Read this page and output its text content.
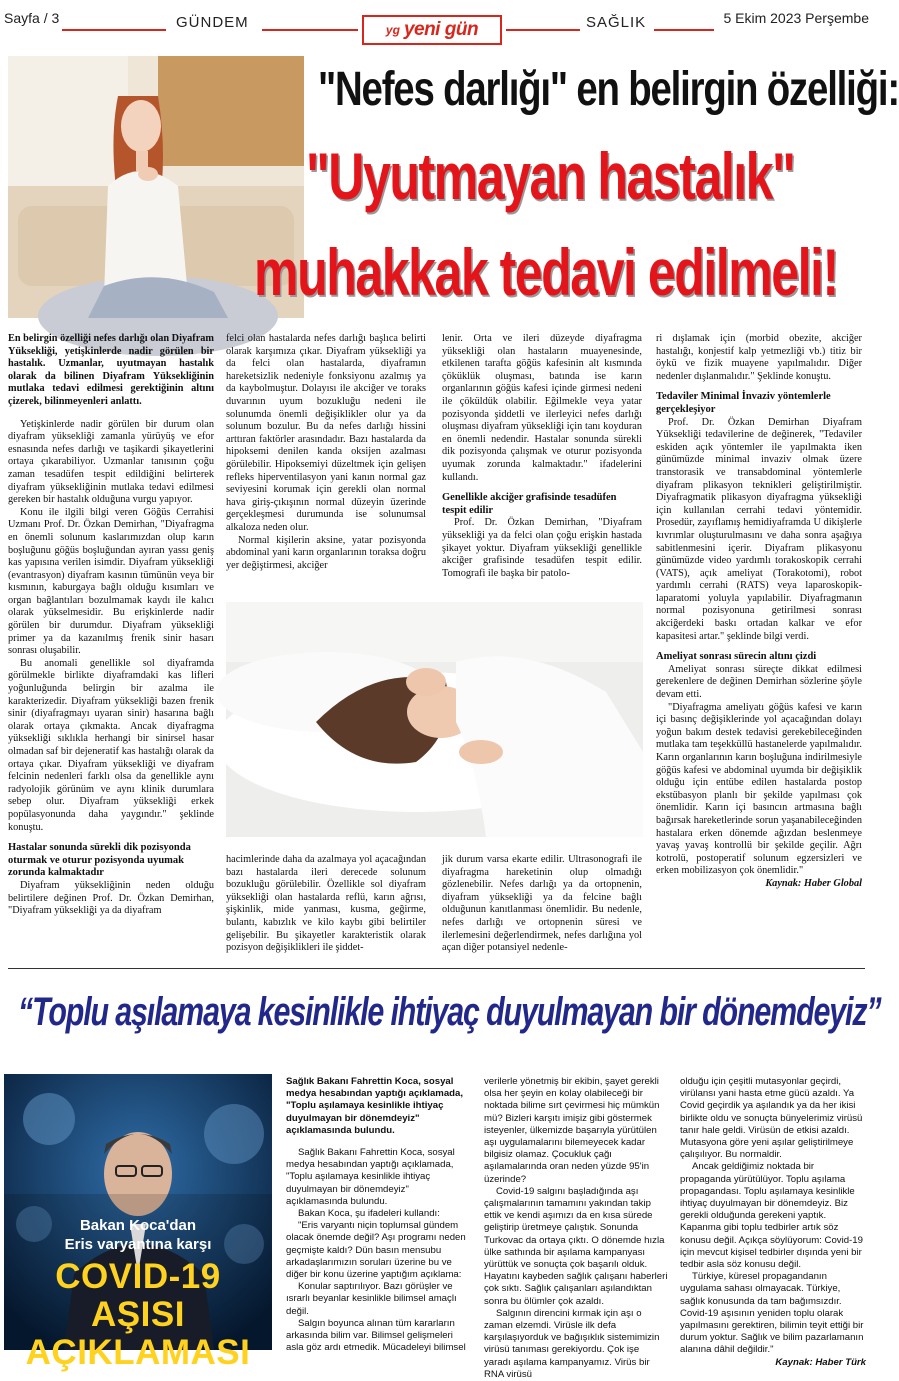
Sayfa / 3	GÜNDEM	yg yeni gün	SAĞLIK	5 Ekim 2023 Perşembe
"Nefes darlığı" en belirgin özelliği:
"Uyutmayan hastalık"
muhakkak tedavi edilmeli!

En belirgin özelliği nefes darlığı olan Diyafram Yüksekliği, yetişkinlerde nadir görülen bir hastalık. Uzmanlar, uyutmayan hastalık olarak da bilinen Diyafram Yüksekliğinin mutlaka tedavi edilmesi gerektiğinin altını çizerek, bilinmeyenleri anlattı.

Yetişkinlerde nadir görülen bir durum olan diyafram yüksekliği zamanla yürüyüş ve efor esnasında nefes darlığı ve taşikardi şikayetlerini ortaya çıkarabiliyor. Uzmanlar tanısının çoğu zaman tesadüfen tespit edildiğini belirterek diyafram yüksekliğinin mutlaka tedavi edilmesi gereken bir hastalık olduğuna vurgu yapıyor.

Konu ile ilgili bilgi veren Göğüs Cerrahisi Uzmanı Prof. Dr. Özkan Demirhan, "Diyafragma en önemli solunum kaslarımızdan olup karın boşluğunu göğüs boşluğundan ayıran yassı geniş kas yapısına verilen isimdir. Diyafram yüksekliği (evantrasyon) diyafram kasının tümünün veya bir kısmının, kaburgaya bağlı olduğu kısımları ve organ bağlantıları bozulmamak kaydı ile kalıcı olarak yükselmesidir. Bu erişkinlerde nadir görülen bir durumdur. Diyafram yüksekliği primer ya da kazanılmış frenik sinir hasarı sonrası oluşabilir.

Bu anomali genellikle sol diyaframda görülmekle birlikte diyaframdaki kas lifleri yoğunluğunda belirgin bir azalma ile karakterizedir. Diyafram yüksekliği bazen frenik sinir (diyafragmayı uyaran sinir) hasarına bağlı olarak ortaya çıkmakta. Ancak diyafragma yüksekliği sıklıkla herhangi bir sinirsel hasar olmadan saf bir dejeneratif kas hastalığı olarak da ortaya çıkar. Diyafram yüksekliği ve diyafram felcinin nedenleri farklı olsa da genellikle aynı radyolojik görünüm ve aynı klinik durumlara sebep olur. Diyafram yüksekliği erkek popülasyonunda daha yaygındır." şeklinde konuştu.

Hastalar sonunda sürekli dik pozisyonda oturmak ve oturur pozisyonda uyumak zorunda kalmaktadır

Diyafram yüksekliğinin neden olduğu belirtilere değinen Prof. Dr. Özkan Demirhan, "Diyafram yüksekliği ya da diyafram

felci olan hastalarda nefes darlığı başlıca belirti olarak karşımıza çıkar. Diyafram yüksekliği ya da felci olan hastalarda, diyaframın hareketsizlik nedeniyle fonksiyonu azalmış ya da kaybolmuştur. Dolayısı ile akciğer ve toraks duvarının uyum bozukluğu nedeni ile solunumda önemli değişiklikler olur ya da solunum bozulur. Bu da nefes darlığı hissini arttıran faktörler arasındadır. Bazı hastalarda da hipoksemi denilen kanda oksijen azalması görülebilir. Hipoksemiyi düzeltmek için gelişen refleks hiperventilasyon yani kanın normal gaz seviyesini korumak için gerekli olan normal hava giriş-çıkışının normal düzeyin üzerinde gerçekleşmesi durumunda ise solunumsal alkaloza neden olur.

Normal kişilerin aksine, yatar pozisyonda abdominal yani karın organlarının toraksa doğru yer değiştirmesi, akciğer

lenir. Orta ve ileri düzeyde diyafragma yüksekliği olan hastaların muayenesinde, etkilenen tarafta göğüs kafesinin alt kısmında çöküklük oluşması, batında ise karın organlarının göğüs kafesi içinde girmesi nedeni ile çöküldük olabilir. Eğilmekle veya yatar pozisyonda şiddetli ve ilerleyici nefes darlığı oluşması diyafram yüksekliği için tanı koyduran en önemli nedendir. Hastalar sonunda sürekli dik pozisyonda çalışmak ve oturur pozisyonda uyumak zorunda kalmaktadır." ifadelerini kullandı.

Genellikle akciğer grafisinde tesadüfen tespit edilir

Prof. Dr. Özkan Demirhan, "Diyafram yüksekliği ya da felci olan çoğu erişkin hastada şikayet yoktur. Diyafram yüksekliği genellikle akciğer grafisinde tesadüfen tespit edilir. Tomografi ile başka bir patolo-

hacimlerinde daha da azalmaya yol açacağından bazı hastalarda ileri derecede solunum bozukluğu görülebilir. Özellikle sol diyafram yüksekliği olan hastalarda reflü, karın ağrısı, şişkinlik, mide yanması, kusma, geğirme, bulantı, kabızlık ve kilo kaybı gibi belirtiler gelişebilir. Bu şikayetler karakteristik olarak pozisyon değişiklikleri ile şiddet-

jik durum varsa ekarte edilir. Ultrasonografi ile diyafragma hareketinin olup olmadığı gözlenebilir. Nefes darlığı ya da ortopnenin, diyafram yüksekliği ya da felcine bağlı olduğunun kanıtlanması önemlidir. Bu nedenle, nefes darlığı ve ortopnenin süresi ve ilerlemesini değerlendirmek, nefes darlığına yol açan diğer potansiyel nedenle-

ri dışlamak için (morbid obezite, akciğer hastalığı, konjestif kalp yetmezliği vb.) titiz bir öykü ve fizik muayene yapılmalıdır. Diğer nedenler dışlanmalıdır." Şeklinde konuştu.

Tedaviler Minimal İnvaziv yöntemlerle gerçekleşiyor

Prof. Dr. Özkan Demirhan Diyafram Yüksekliği tedavilerine de değinerek, "Tedaviler eskiden açık yöntemler ile yapılmakta iken günümüzde minimal invaziv olmak üzere transtorasik ve transabdominal yöntemlerle diyafram plikasyon teknikleri geliştirilmiştir. Diyafragmatik plikasyon diyafragma yüksekliği için kullanılan cerrahi tedavi yöntemidir. Prosedür, zayıflamış hemidiyaframda U dikişlerle kıvrımlar oluşturulmasını ve daha sonra aşağıya sabitlenmesini içerir. Diyafram plikasyonu günümüzde video yardımlı torakoskopik cerrahi (VATS), açık ameliyat (Torakotomi), robot yardımlı cerrahi (RATS) veya laparoskopik- laparatomi yoluyla yapılabilir. Diyafragmanın normal pozisyonuna getirilmesi sonrası akciğerdeki baskı ortadan kalkar ve efor kapasitesi artar." şeklinde bilgi verdi.

Ameliyat sonrası sürecin altını çizdi

Ameliyat sonrası süreçte dikkat edilmesi gerekenlere de değinen Demirhan sözlerine şöyle devam etti.

"Diyafragma ameliyatı göğüs kafesi ve karın içi basınç değişiklerinde yol açacağından dolayı yoğun bakım destek tedavisi gerekebileceğinden mutlaka tam teşekküllü hastanelerde yapılmalıdır. Karın organlarının karın boşluğuna indirilmesiyle göğüs kafesi ve abdominal uyumda bir değişiklik olduğu için entübe edilen hastalarda postop ekstübasyon planlı bir şekilde yapılması çok önemlidir. Karın içi basıncın artmasına bağlı bağırsak hareketlerinde sorun yaşanabileceğinden hastalara erken dönemde ağızdan beslenmeye yavaş yavaş kontrollü bir şekilde geçilir. Ağrı kotrolü, postoperatif solunum egzersizleri ve erken mobilizasyon çok önemlidir."

Kaynak: Haber Global

“Toplu aşılamaya kesinlikle ihtiyaç duyulmayan bir dönemdeyiz”
Bakan Koca'dan
Eris varyantına karşı
COVID-19 AŞISI
AÇIKLAMASI

Sağlık Bakanı Fahrettin Koca, sosyal medya hesabından yaptığı açıklamada, "Toplu aşılamaya kesinlikle ihtiyaç duyulmayan bir dönemdeyiz" açıklamasında bulundu.

Sağlık Bakanı Fahrettin Koca, sosyal medya hesabından yaptığı açıklamada, "Toplu aşılamaya kesinlikle ihtiyaç duyulmayan bir dönemdeyiz" açıklamasında bulundu.

Bakan Koca, şu ifadeleri kullandı:

"Eris varyantı niçin toplumsal gündem olacak önemde değil? Aşı programı neden geçmişte kaldı? Dün basın mensubu arkadaşlarımızın soruları üzerine bu ve diğer bir konu üzerine yaptığım açıklama:

Konular saptırılıyor. Bazı görüşler ve ısrarlı beyanlar kesinlikle bilimsel amaçlı değil.

Salgın boyunca alınan tüm kararların arkasında bilim var. Bilimsel gelişmeleri asla göz ardı etmedik. Mücadeleyi bilimsel

verilerle yönetmiş bir ekibin, şayet gerekli olsa her şeyin en kolay olabileceği bir noktada bilime sırt çevirmesi hiç mümkün mü? Bizleri karşıtı imişiz gibi göstermek isteyenler, ülkemizde başarıyla yürütülen aşı uygulamalarını bilemeyecek kadar bilgisiz olamaz. Çocukluk çağı aşılamalarında oran neden yüzde 95'in üzerinde?

Covid-19 salgını başladığında aşı çalışmalarının tamamını yakından takip ettik ve kendi aşımızı da en kısa sürede geliştirip üretmeye çalıştık. Sonunda Turkovac da ortaya çıktı. O dönemde hızla ülke sathında bir aşılama kampanyası yürüttük ve sonuçta çok başarılı olduk. Hayatını kaybeden sağlık çalışanı haberleri çok sıktı. Sağlık çalışanları aşılandıktan sonra bu ölümler çok azaldı.

Salgının direncini kırmak için aşı o zaman elzemdi. Virüsle ilk defa karşılaşıyorduk ve bağışıklık sistemimizin virüsü tanıması gerekiyordu. Çok işe yaradı aşılama kampanyamız. Virüs bir RNA virüsü

olduğu için çeşitli mutasyonlar geçirdi, virülansı yani hasta etme gücü azaldı. Ya Covid geçirdik ya aşılandık ya da her ikisi birlikte oldu ve sonuçta bünyelerimiz virüsü tanır hale geldi. Virüsün de etkisi azaldı. Mutasyona göre yeni aşılar geliştirilmeye çalışılıyor. Bu normaldir.

Ancak geldiğimiz noktada bir propaganda yürütülüyor. Toplu aşılama propagandası. Toplu aşılamaya kesinlikle ihtiyaç duyulmayan bir dönemdeyiz. Biz gerekli olduğunda gerekeni yaptık. Kapanma gibi toplu tedbirler artık söz konusu değil. Açıkça söylüyorum: Covid-19 için mevcut kişisel tedbirler dışında yeni bir tedbir asla söz konusu değil.

Türkiye, küresel propagandanın uygulama sahası olmayacak. Türkiye, sağlık konusunda da tam bağımsızdır. Covid-19 aşısının yeniden toplu olarak yapılmasını gerektiren, bilimin teyit ettiği bir durum yoktur. Sağlık ve bilim pazarlamanın alanına dâhil değildir."

Kaynak: Haber Türk
